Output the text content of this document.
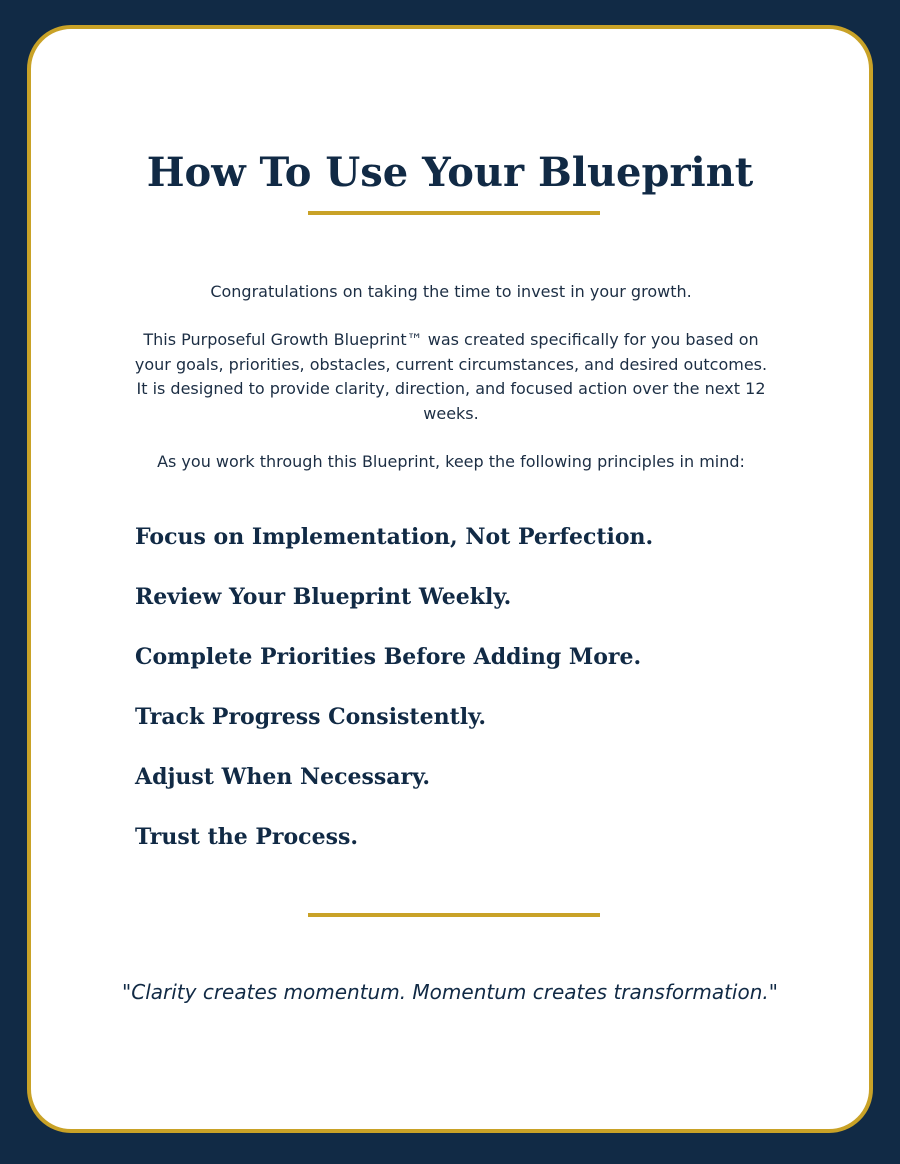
How To Use Your Blueprint

Congratulations on taking the time to invest in your growth.

This Purposeful Growth Blueprint™ was created specifically for you based on your goals, priorities, obstacles, current circumstances, and desired outcomes. It is designed to provide clarity, direction, and focused action over the next 12 weeks.

As you work through this Blueprint, keep the following principles in mind:

Focus on Implementation, Not Perfection.
Review Your Blueprint Weekly.
Complete Priorities Before Adding More.
Track Progress Consistently.
Adjust When Necessary.
Trust the Process.

"Clarity creates momentum. Momentum creates transformation."
